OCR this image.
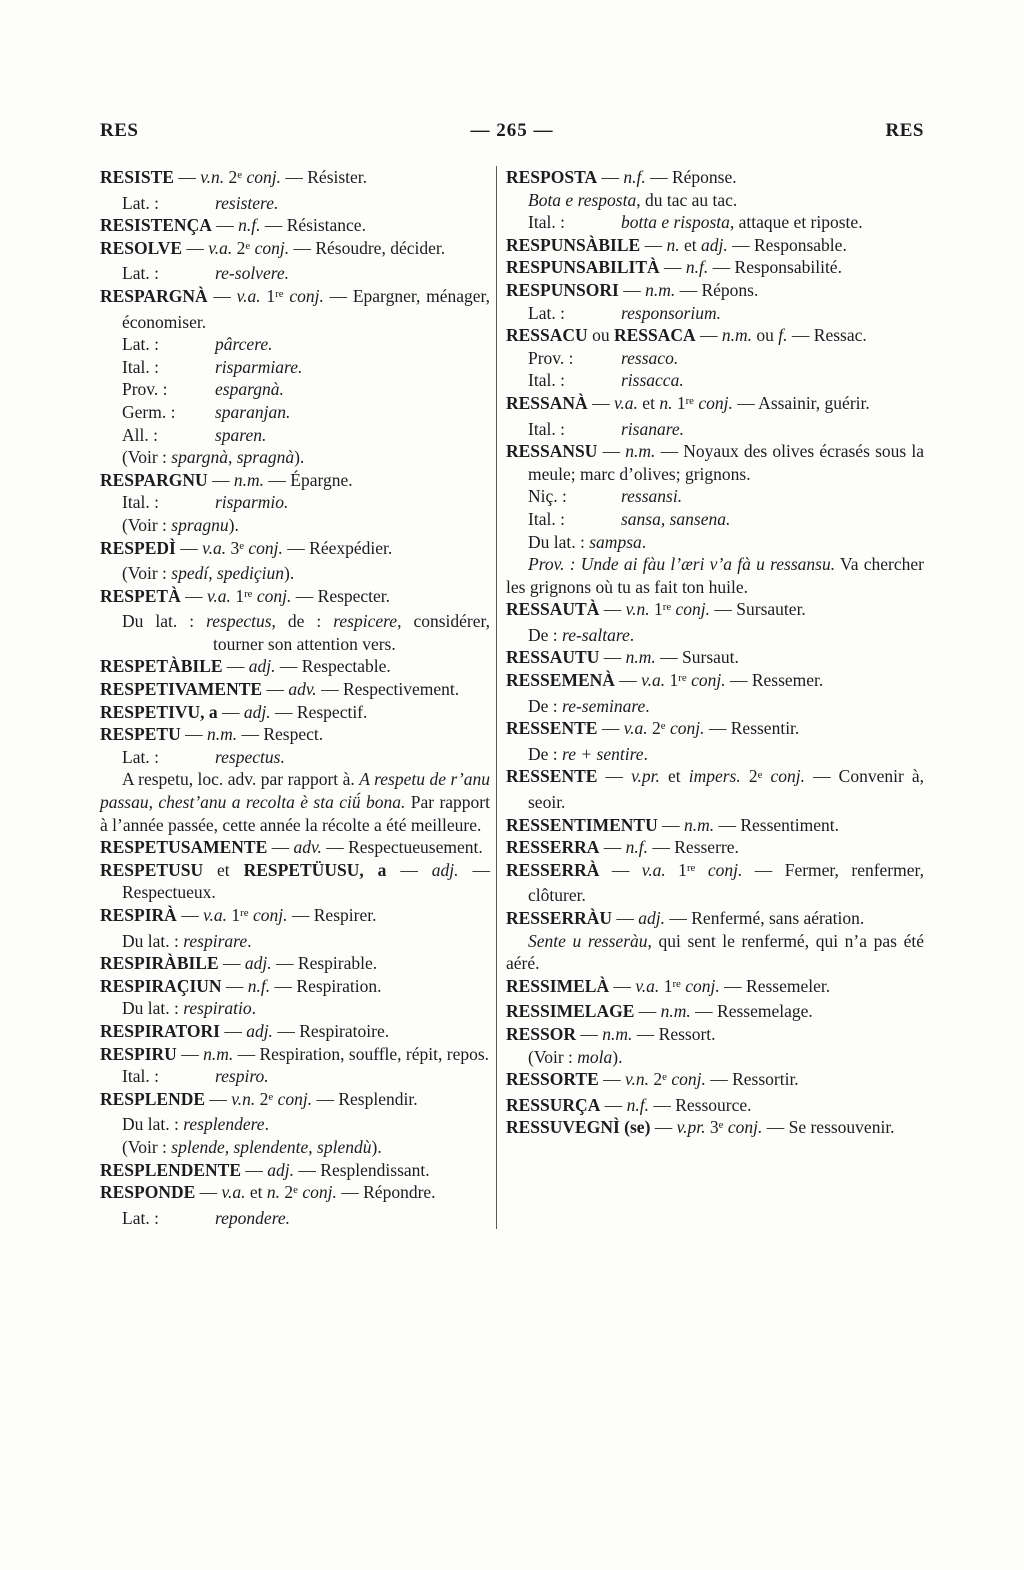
RES	— 265 —	RES

RESISTE — v.n. 2e conj. — Résister.

Lat. :	resistere.

RESISTENÇA — n.f. — Résistance.

RESOLVE — v.a. 2e conj. — Résoudre, décider.

Lat. :	re-solvere.

RESPARGNÀ — v.a. 1re conj. — Epargner, ménager, économiser.

Lat. :	pârcere.

Ital. :	risparmiare.

Prov. :	espargnà.

Germ. : sparanjan.

All. :	sparen.

(Voir : spargnà, spragnà).

RESPARGNU — n.m. — Épargne.

Ital. :	risparmio.

(Voir : spragnu).

RESPEDÌ — v.a. 3e conj. — Réexpédier.

(Voir : spedí, spediçiun).

RESPETÀ — v.a. 1re conj. — Respecter.

Du lat. : respectus, de : respicere, considérer, tourner son attention vers.

RESPETÀBILE — adj. — Respectable.

RESPETIVAMENTE — adv. — Respectivement.

RESPETIVU, a — adj. — Respectif.

RESPETU — n.m. — Respect.

Lat. :	respectus.

A respetu, loc. adv. par rapport à. A respetu de r’anu passau, chest’anu a recolta è sta ciǘ bona. Par rapport à l’année passée, cette année la récolte a été meilleure.

RESPETUSAMENTE — adv. — Respectueusement.

RESPETUSU et RESPETÜUSU, a — adj. — Respectueux.

RESPIRÀ — v.a. 1re conj. — Respirer.

Du lat. : respirare.

RESPIRÀBILE — adj. — Respirable.

RESPIRAÇIUN — n.f. — Respiration.

Du lat. : respiratio.

RESPIRATORI — adj. — Respiratoire.

RESPIRU — n.m. — Respiration, souffle, répit, repos.

Ital. :	respiro.

RESPLENDE — v.n. 2e conj. — Resplendir.

Du lat. : resplendere.

(Voir : splende, splendente, splendù).

RESPLENDENTE — adj. — Resplendissant.

RESPONDE — v.a. et n. 2e conj. — Répondre.

Lat. :	repondere.

RESPOSTA — n.f. — Réponse.

Bota e resposta, du tac au tac.

Ital. :	botta e risposta, attaque et riposte.

RESPUNSÀBILE — n. et adj. — Responsable.

RESPUNSABILITÀ — n.f. — Responsabilité.

RESPUNSORI — n.m. — Répons.

Lat. :	responsorium.

RESSACU ou RESSACA — n.m. ou f. — Ressac.

Prov. :	ressaco.

Ital. :	rissacca.

RESSANÀ — v.a. et n. 1re conj. — Assainir, guérir.

Ital. :	risanare.

RESSANSU — n.m. — Noyaux des olives écrasés sous la meule; marc d’olives; grignons.

Niç. :	ressansi.

Ital. :	sansa, sansena.

Du lat. : sampsa.

Prov. : Unde ai fàu l’æri v’a fà u ressansu. Va chercher les grignons où tu as fait ton huile.

RESSAUTÀ — v.n. 1re conj. — Sursauter.

De : re-saltare.

RESSAUTU — n.m. — Sursaut.

RESSEMENÀ — v.a. 1re conj. — Ressemer.

De : re-seminare.

RESSENTE — v.a. 2e conj. — Ressentir.

De : re + sentire.

RESSENTE — v.pr. et impers. 2e conj. — Convenir à, seoir.

RESSENTIMENTU — n.m. — Ressentiment.

RESSERRA — n.f. — Resserre.

RESSERRÀ — v.a. 1re conj. — Fermer, renfermer, clôturer.

RESSERRÀU — adj. — Renfermé, sans aération.

Sente u resseràu, qui sent le renfermé, qui n’a pas été aéré.

RESSIMELÀ — v.a. 1re conj. — Ressemeler.

RESSIMELAGE — n.m. — Ressemelage.

RESSOR — n.m. — Ressort.

(Voir : mola).

RESSORTE — v.n. 2e conj. — Ressortir.

RESSURÇA — n.f. — Ressource.

RESSUVEGNÌ (se) — v.pr. 3e conj. — Se ressouvenir.
